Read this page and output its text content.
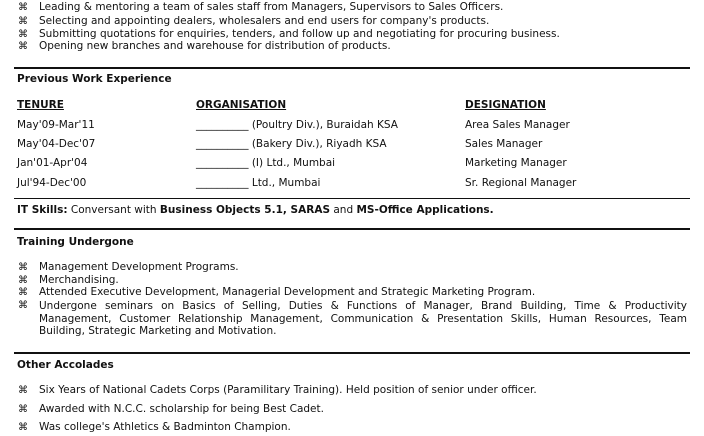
⌘ Leading & mentoring a team of sales staff from Managers, Supervisors to Sales Officers.
⌘ Selecting and appointing dealers, wholesalers and end users for company's products.
⌘ Submitting quotations for enquiries, tenders, and follow up and negotiating for procuring business.
⌘ Opening new branches and warehouse for distribution of products.
Previous Work Experience
TENURE	ORGANISATION	DESIGNATION
May'09-Mar'11	__________ (Poultry Div.), Buraidah KSA	Area Sales Manager
May'04-Dec'07	__________ (Bakery Div.), Riyadh KSA	Sales Manager
Jan'01-Apr'04	__________ (I) Ltd., Mumbai	Marketing Manager
Jul'94-Dec'00	__________ Ltd., Mumbai	Sr. Regional Manager
IT Skills: Conversant with Business Objects 5.1, SARAS and MS-Office Applications.
Training Undergone
⌘ Management Development Programs.
⌘ Merchandising.
⌘ Attended Executive Development, Managerial Development and Strategic Marketing Program.
⌘ Undergone seminars on Basics of Selling, Duties & Functions of Manager, Brand Building, Time & Productivity Management, Customer Relationship Management, Communication & Presentation Skills, Human Resources, Team Building, Strategic Marketing and Motivation.
Other Accolades
⌘ Six Years of National Cadets Corps (Paramilitary Training). Held position of senior under officer.
⌘ Awarded with N.C.C. scholarship for being Best Cadet.
⌘ Was college's Athletics & Badminton Champion.
